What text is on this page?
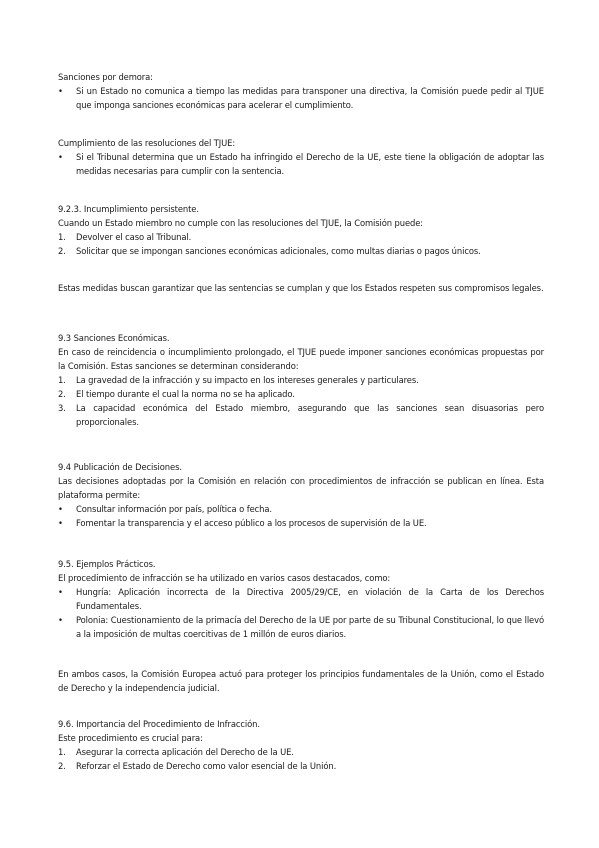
Sanciones por demora:

• Si un Estado no comunica a tiempo las medidas para transponer una directiva, la Comisión puede pedir al TJUE que imponga sanciones económicas para acelerar el cumplimiento.

Cumplimiento de las resoluciones del TJUE:

• Si el Tribunal determina que un Estado ha infringido el Derecho de la UE, este tiene la obligación de adoptar las medidas necesarias para cumplir con la sentencia.

9.2.3. Incumplimiento persistente.

Cuando un Estado miembro no cumple con las resoluciones del TJUE, la Comisión puede:

1. Devolver el caso al Tribunal.

2. Solicitar que se impongan sanciones económicas adicionales, como multas diarias o pagos únicos.

Estas medidas buscan garantizar que las sentencias se cumplan y que los Estados respeten sus compromisos legales.

9.3 Sanciones Económicas.

En caso de reincidencia o incumplimiento prolongado, el TJUE puede imponer sanciones económicas propuestas por la Comisión. Estas sanciones se determinan considerando:

1. La gravedad de la infracción y su impacto en los intereses generales y particulares.

2. El tiempo durante el cual la norma no se ha aplicado.

3. La capacidad económica del Estado miembro, asegurando que las sanciones sean disuasorias pero proporcionales.

9.4 Publicación de Decisiones.

Las decisiones adoptadas por la Comisión en relación con procedimientos de infracción se publican en línea. Esta plataforma permite:

• Consultar información por país, política o fecha.

• Fomentar la transparencia y el acceso público a los procesos de supervisión de la UE.

9.5. Ejemplos Prácticos.

El procedimiento de infracción se ha utilizado en varios casos destacados, como:

• Hungría: Aplicación incorrecta de la Directiva 2005/29/CE, en violación de la Carta de los Derechos Fundamentales.

• Polonia: Cuestionamiento de la primacía del Derecho de la UE por parte de su Tribunal Constitucional, lo que llevó a la imposición de multas coercitivas de 1 millón de euros diarios.

En ambos casos, la Comisión Europea actuó para proteger los principios fundamentales de la Unión, como el Estado de Derecho y la independencia judicial.

9.6. Importancia del Procedimiento de Infracción.

Este procedimiento es crucial para:

1. Asegurar la correcta aplicación del Derecho de la UE.

2. Reforzar el Estado de Derecho como valor esencial de la Unión.
